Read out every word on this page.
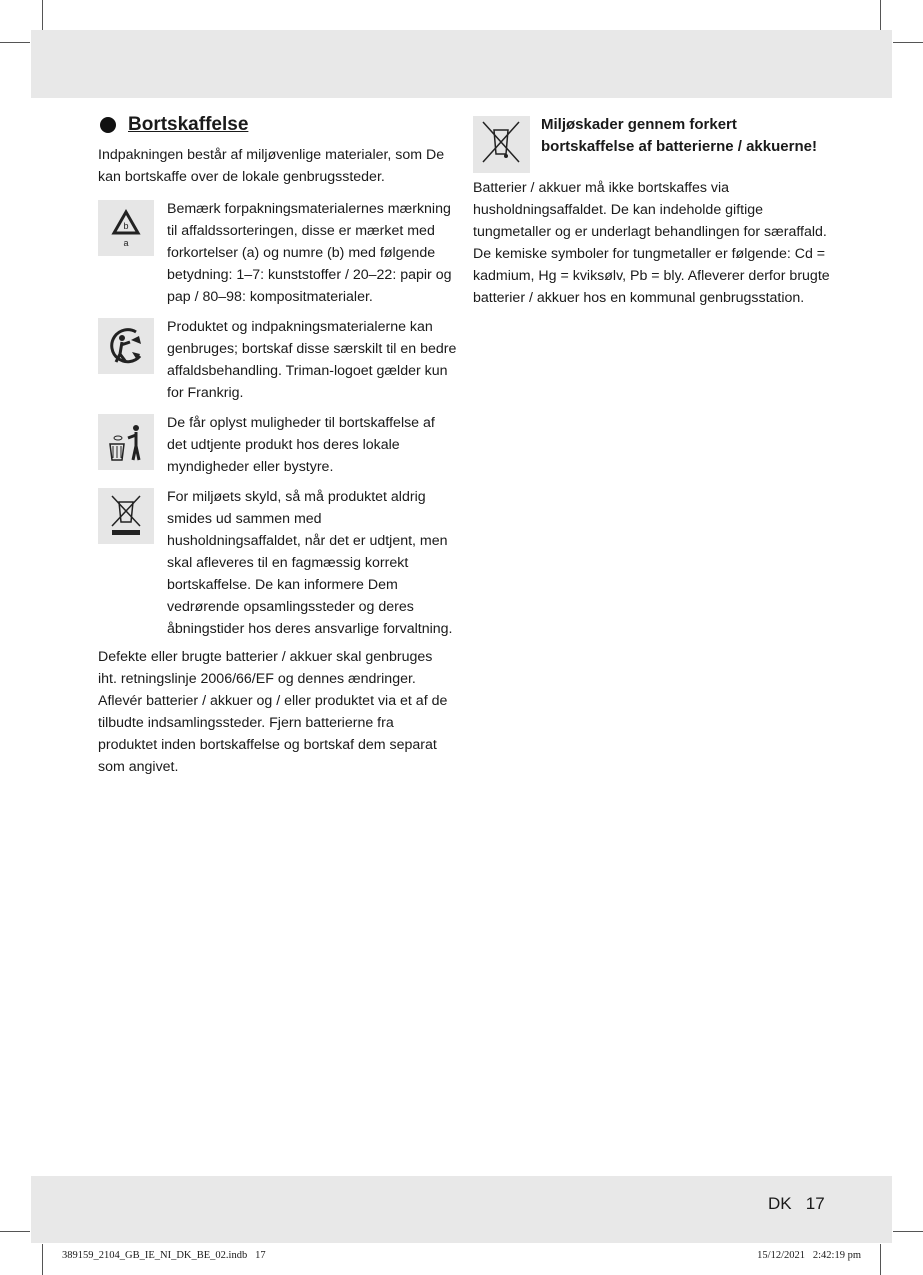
Bortskaffelse

Indpakningen består af miljøvenlige materialer, som De kan bortskaffe over de lokale genbrugssteder.

b
a

Bemærk forpakningsmaterialernes mærkning til affaldssorteringen, disse er mærket med forkortelser (a) og numre (b) med følgende betydning: 1–7: kunststoffer / 20–22: papir og pap / 80–98: kompositmaterialer.

Produktet og indpakningsmaterialerne kan genbruges; bortskaf disse særskilt til en bedre affaldsbehandling. Triman-logoet gælder kun for Frankrig.

De får oplyst muligheder til bortskaffelse af det udtjente produkt hos deres lokale myndigheder eller bystyre.

For miljøets skyld, så må produktet aldrig smides ud sammen med husholdningsaffaldet, når det er udtjent, men skal afleveres til en fagmæssig korrekt bortskaffelse. De kan informere Dem vedrørende opsamlingssteder og deres åbningstider hos deres ansvarlige forvaltning.

Defekte eller brugte batterier / akkuer skal genbruges iht. retningslinje 2006/66/EF og dennes ændringer. Aflevér batterier / akkuer og / eller produktet via et af de tilbudte indsamlingssteder. Fjern batterierne fra produktet inden bortskaffelse og bortskaf dem separat som angivet.

Miljøskader gennem forkert bortskaffelse af batterierne / akkuerne!

Batterier / akkuer må ikke bortskaffes via husholdningsaffaldet. De kan indeholde giftige tungmetaller og er underlagt behandlingen for særaffald. De kemiske symboler for tungmetaller er følgende: Cd = kadmium, Hg = kviksølv, Pb = bly. Afleverer derfor brugte batterier / akkuer hos en kommunal genbrugsstation.

DK 17
389159_2104_GB_IE_NI_DK_BE_02.indb   17	15/12/2021   2:42:19 pm
